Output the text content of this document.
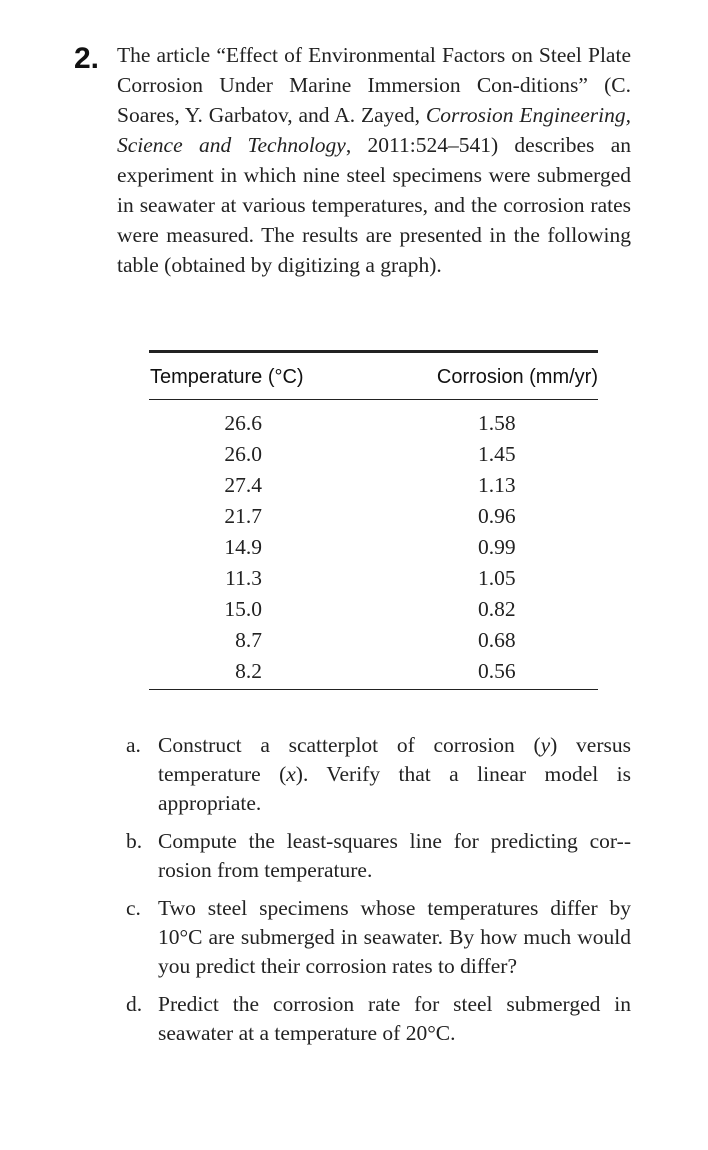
2. The article “Effect of Environmental Factors on Steel Plate Corrosion Under Marine Immersion Con-ditions” (C. Soares, Y. Garbatov, and A. Zayed, Corrosion Engineering, Science and Technology, 2011:524–541) describes an experiment in which nine steel specimens were submerged in seawater at various temperatures, and the corrosion rates were measured. The results are presented in the following table (obtained by digitizing a graph).

Temperature (°C)	Corrosion (mm/yr)
26.6	1.58
26.0	1.45
27.4	1.13
21.7	0.96
14.9	0.99
11.3	1.05
15.0	0.82
8.7	0.68
8.2	0.56
a. Construct a scatterplot of corrosion (y) versus temperature (x). Verify that a linear model is appropriate.
b. Compute the least-squares line for predicting cor-rosion from temperature.
c. Two steel specimens whose temperatures differ by 10°C are submerged in seawater. By how much would you predict their corrosion rates to differ?
d. Predict the corrosion rate for steel submerged in seawater at a temperature of 20°C.
